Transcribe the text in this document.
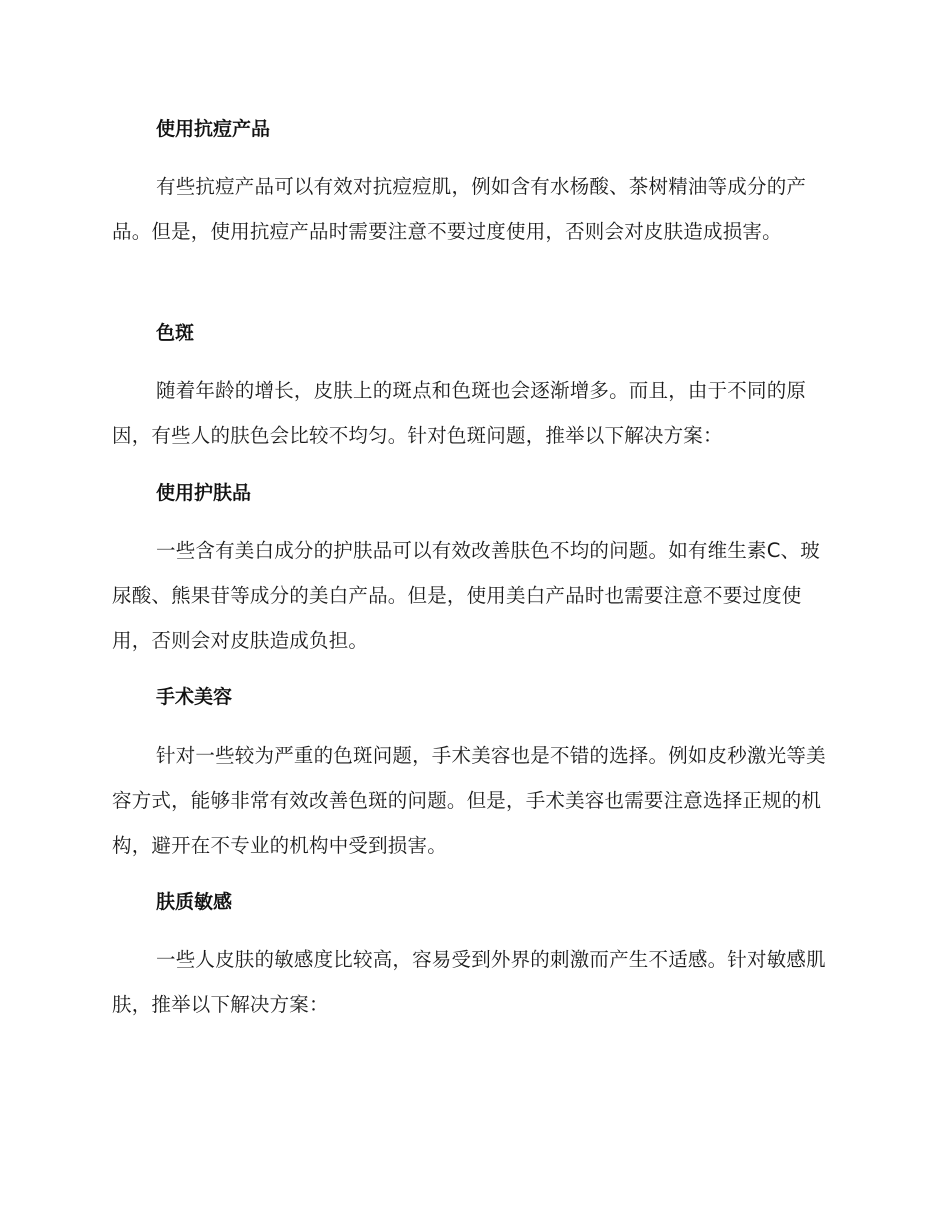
使用抗痘产品

有些抗痘产品可以有效对抗痘痘肌，例如含有水杨酸、茶树精油等成分的产品。但是，使用抗痘产品时需要注意不要过度使用，否则会对皮肤造成损害。

色斑

随着年龄的增长，皮肤上的斑点和色斑也会逐渐增多。而且，由于不同的原因，有些人的肤色会比较不均匀。针对色斑问题，推举以下解决方案：

使用护肤品

一些含有美白成分的护肤品可以有效改善肤色不均的问题。如有维生素C、玻尿酸、熊果苷等成分的美白产品。但是，使用美白产品时也需要注意不要过度使用，否则会对皮肤造成负担。

手术美容

针对一些较为严重的色斑问题，手术美容也是不错的选择。例如皮秒激光等美容方式，能够非常有效改善色斑的问题。但是，手术美容也需要注意选择正规的机构，避开在不专业的机构中受到损害。

肤质敏感

一些人皮肤的敏感度比较高，容易受到外界的刺激而产生不适感。针对敏感肌肤，推举以下解决方案：
